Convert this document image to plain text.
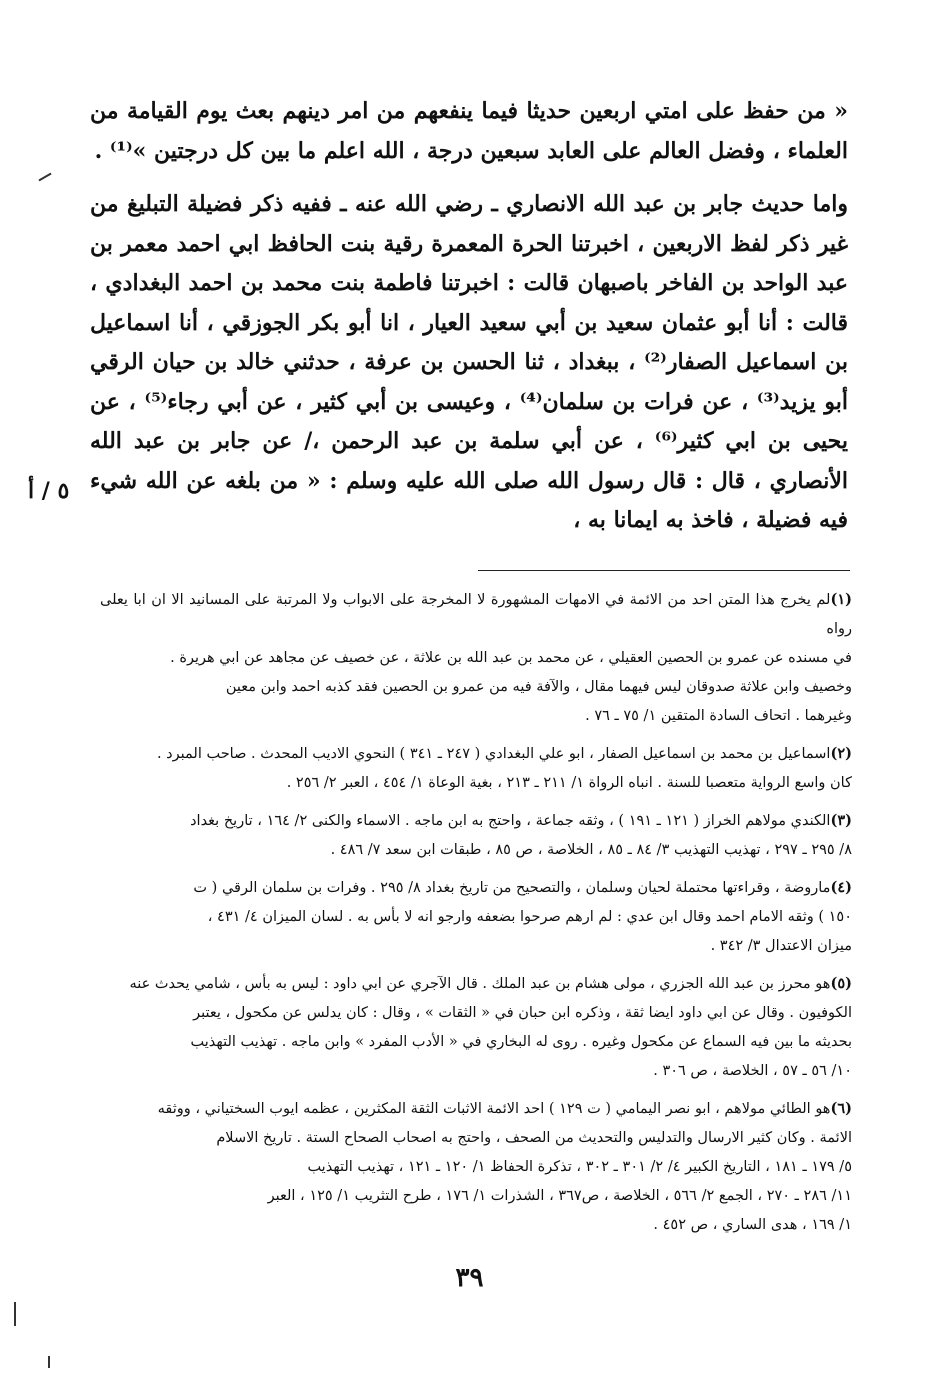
« من حفظ على امتي اربعين حديثا فيما ينفعهم من امر دينهم بعث يوم القيامة من العلماء ، وفضل العالم على العابد سبعين درجة ، الله اعلم ما بين كل درجتين »⁽¹⁾ .

واما حديث جابر بن عبد الله الانصاري ـ رضي الله عنه ـ ففيه ذكر فضيلة التبليغ من غير ذكر لفظ الاربعين ، اخبرتنا الحرة المعمرة رقية بنت الحافظ ابي احمد معمر بن عبد الواحد بن الفاخر باصبهان قالت : اخبرتنا فاطمة بنت محمد بن احمد البغدادي ، قالت : أنا أبو عثمان سعيد بن أبي سعيد العيار ، انا أبو بكر الجوزقي ، أنا اسماعيل بن اسماعيل الصفار⁽²⁾ ، ببغداد ، ثنا الحسن بن عرفة ، حدثني خالد بن حيان الرقي أبو يزيد⁽³⁾ ، عن فرات بن سلمان⁽⁴⁾ ، وعيسى بن أبي كثير ، عن أبي رجاء⁽⁵⁾ ، عن يحيى بن ابي كثير⁽⁶⁾ ، عن أبي سلمة بن عبد الرحمن ،/ عن جابر بن عبد الله الأنصاري ، قال : قال رسول الله صلى الله عليه وسلم : « من بلغه عن الله شيء فيه فضيلة ، فاخذ به ايمانا به ،

٥ / أ
(١)لم يخرج هذا المتن احد من الائمة في الامهات المشهورة لا المخرجة على الابواب ولا المرتبة على المسانيد الا ان ابا يعلى رواه
في مسنده عن عمرو بن الحصين العقيلي ، عن محمد بن عبد الله بن علاثة ، عن خصيف عن مجاهد عن ابي هريرة .
وخصيف وابن علاثة صدوقان ليس فيهما مقال ، والآفة فيه من عمرو بن الحصين فقد كذبه احمد وابن معين
وغيرهما . اتحاف السادة المتقين ١/ ٧٥ ـ ٧٦ .
(٢)اسماعيل بن محمد بن اسماعيل الصفار ، ابو علي البغدادي ( ٢٤٧ ـ ٣٤١ ) النحوي الاديب المحدث . صاحب المبرد .
كان واسع الرواية متعصبا للسنة . انباه الرواة ١/ ٢١١ ـ ٢١٣ ، بغية الوعاة ١/ ٤٥٤ ، العبر ٢/ ٢٥٦ .
(٣)الكندي مولاهم الخراز ( ١٢١ ـ ١٩١ ) ، وثقه جماعة ، واحتج به ابن ماجه . الاسماء والكنى ٢/ ١٦٤ ، تاريخ بغداد
٨/ ٢٩٥ ـ ٢٩٧ ، تهذيب التهذيب ٣/ ٨٤ ـ ٨٥ ، الخلاصة ، ص ٨٥ ، طبقات ابن سعد ٧/ ٤٨٦ .
(٤)ماروضة ، وقراءتها محتملة لحيان وسلمان ، والتصحيح من تاريخ بغداد ٨/ ٢٩٥ . وفرات بن سلمان الرقي ( ت
١٥٠ ) وثقه الامام احمد وقال ابن عدي : لم ارهم صرحوا بضعفه وارجو انه لا بأس به . لسان الميزان ٤/ ٤٣١ ،
ميزان الاعتدال ٣/ ٣٤٢ .
(٥)هو محرز بن عبد الله الجزري ، مولى هشام بن عبد الملك . قال الآجري عن ابي داود : ليس به بأس ، شامي يحدث عنه
الكوفيون . وقال عن ابي داود ايضا ثقة ، وذكره ابن حبان في « الثقات » ، وقال : كان يدلس عن مكحول ، يعتبر
بحديثه ما بين فيه السماع عن مكحول وغيره . روى له البخاري في « الأدب المفرد » وابن ماجه . تهذيب التهذيب
١٠/ ٥٦ ـ ٥٧ ، الخلاصة ، ص ٣٠٦ .
(٦)هو الطائي مولاهم ، ابو نصر اليمامي ( ت ١٢٩ ) احد الائمة الاثبات الثقة المكثرين ، عظمه ايوب السختياني ، ووثقه
الائمة . وكان كثير الارسال والتدليس والتحديث من الصحف ، واحتج به اصحاب الصحاح الستة . تاريخ الاسلام
٥/ ١٧٩ ـ ١٨١ ، التاريخ الكبير ٤/ ٢/ ٣٠١ ـ ٣٠٢ ، تذكرة الحفاظ ١/ ١٢٠ ـ ١٢١ ، تهذيب التهذيب
١١/ ٢٨٦ ـ ٢٧٠ ، الجمع ٢/ ٥٦٦ ، الخلاصة ، ص٣٦٧ ، الشذرات ١/ ١٧٦ ، طرح التثريب ١/ ١٢٥ ، العبر
١/ ١٦٩ ، هدى الساري ، ص ٤٥٢ .
٣٩
